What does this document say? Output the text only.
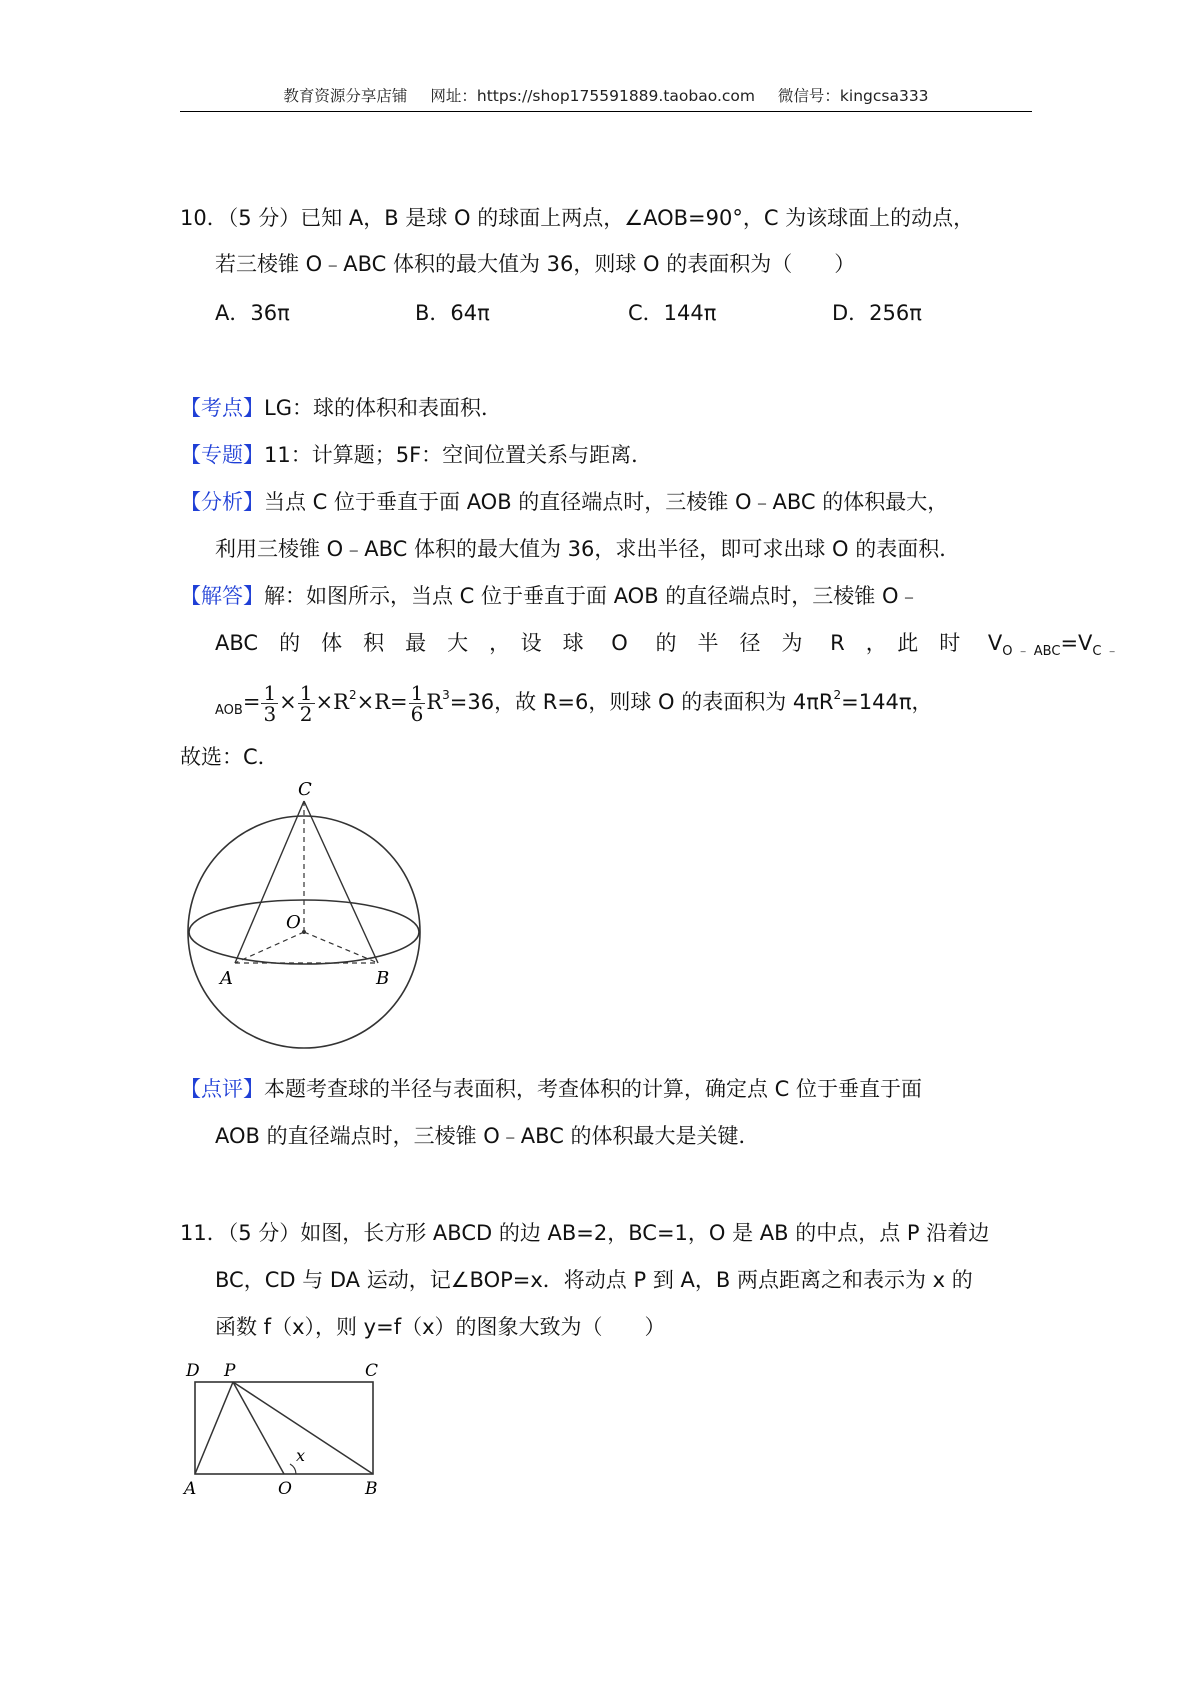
教育资源分享店铺 网址：https://shop175591889.taobao.com 微信号：kingcsa333
10．（5 分）已知 A，B 是球 O 的球面上两点，∠AOB=90°，C 为该球面上的动点，
若三棱锥 O﹣ABC 体积的最大值为 36，则球 O 的表面积为（　　）
A．36π	B．64π	C．144π	D．256π
【考点】LG：球的体积和表面积．
【专题】11：计算题；5F：空间位置关系与距离．
【分析】当点 C 位于垂直于面 AOB 的直径端点时，三棱锥 O﹣ABC 的体积最大，
利用三棱锥 O﹣ABC 体积的最大值为 36，求出半径，即可求出球 O 的表面积．
【解答】解：如图所示，当点 C 位于垂直于面 AOB 的直径端点时，三棱锥 O﹣
ABC　的　体　积　最　大　，　设　球　 O　 的　半　径　为　 R　，　此　时　 $V_{O ﹣ ABC}=V_{C ﹣}$
$_{AOB}= \frac{1}{3} \times \frac{1}{2} \times R^2\times R= \frac{1}{6} R^3=36$，故 R=6，则球 O 的表面积为 $4\pi R^2=144\pi$，
故选：C．
C
O
A	B
【点评】本题考查球的半径与表面积，考查体积的计算，确定点 C 位于垂直于面
AOB 的直径端点时，三棱锥 O﹣ABC 的体积最大是关键．
11．（5 分）如图，长方形 ABCD 的边 AB=2，BC=1，O 是 AB 的中点，点 P 沿着边
BC，CD 与 DA 运动，记∠BOP=x．将动点 P 到 A，B 两点距离之和表示为 x 的
函数 f（x），则 y=f（x）的图象大致为（　　）
D P	C
A	O	B
x
